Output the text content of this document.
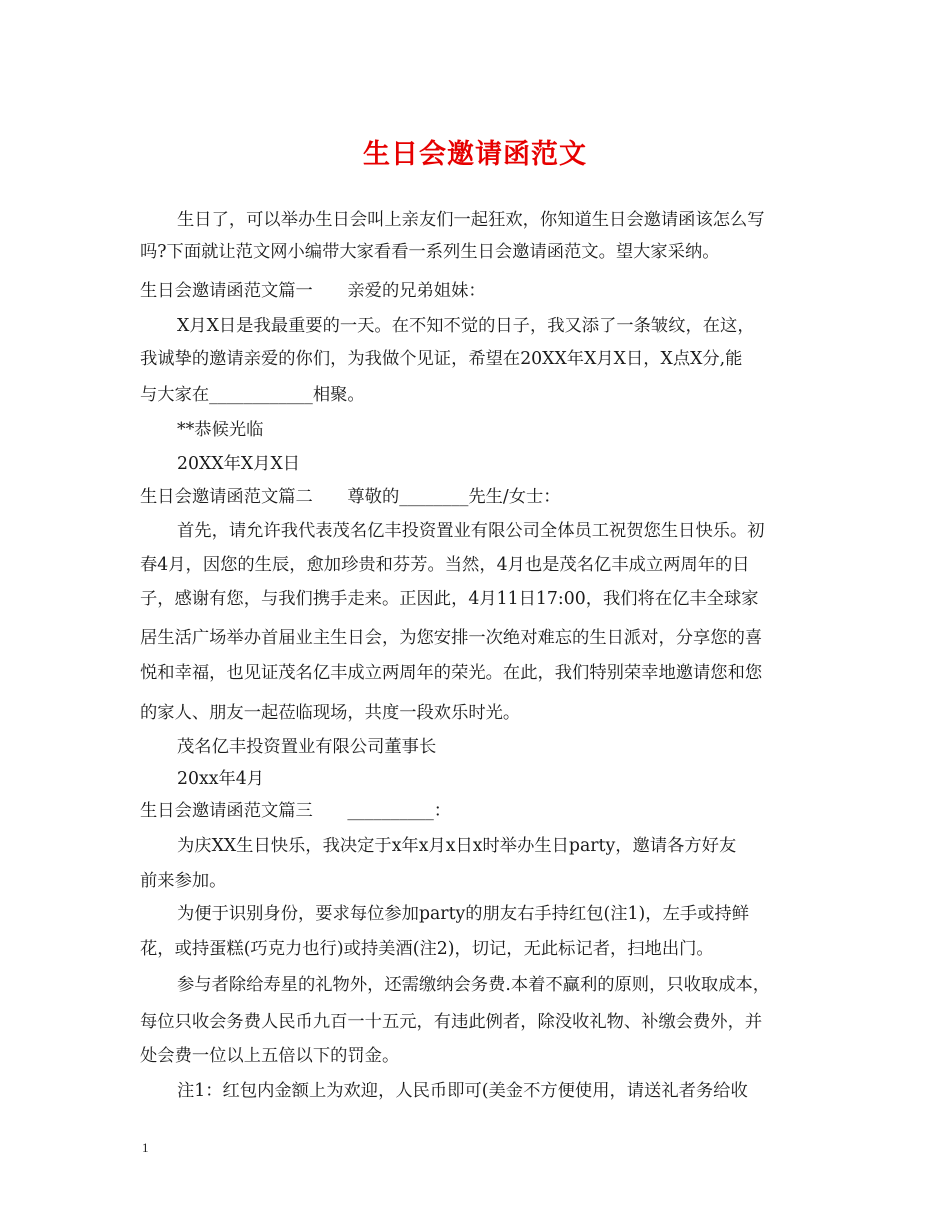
生日会邀请函范文
生日了，可以举办生日会叫上亲友们一起狂欢，你知道生日会邀请函该怎么写
吗?下面就让范文网小编带大家看看一系列生日会邀请函范文。望大家采纳。
生日会邀请函范文篇一　　亲爱的兄弟姐妹：
X月X日是我最重要的一天。在不知不觉的日子，我又添了一条皱纹，在这，
我诚挚的邀请亲爱的你们，为我做个见证，希望在20XX年X月X日，X点X分,能
与大家在____________相聚。
**恭候光临
20XX年X月X日
生日会邀请函范文篇二　　尊敬的________先生/女士：
首先，请允许我代表茂名亿丰投资置业有限公司全体员工祝贺您生日快乐。初
春4月，因您的生辰，愈加珍贵和芬芳。当然，4月也是茂名亿丰成立两周年的日
子，感谢有您，与我们携手走来。正因此，4月11日17:00，我们将在亿丰全球家
居生活广场举办首届业主生日会，为您安排一次绝对难忘的生日派对，分享您的喜
悦和幸福，也见证茂名亿丰成立两周年的荣光。在此，我们特别荣幸地邀请您和您
的家人、朋友一起莅临现场，共度一段欢乐时光。
茂名亿丰投资置业有限公司董事长
20xx年4月
生日会邀请函范文篇三　　__________：
为庆XX生日快乐，我决定于x年x月x日x时举办生日party，邀请各方好友
前来参加。
为便于识别身份，要求每位参加party的朋友右手持红包(注1)，左手或持鲜
花，或持蛋糕(巧克力也行)或持美酒(注2)，切记，无此标记者，扫地出门。
参与者除给寿星的礼物外，还需缴纳会务费.本着不赢利的原则，只收取成本，
每位只收会务费人民币九百一十五元，有违此例者，除没收礼物、补缴会费外，并
处会费一位以上五倍以下的罚金。
注1：红包内金额上为欢迎，人民币即可(美金不方便使用，请送礼者务给收
1
